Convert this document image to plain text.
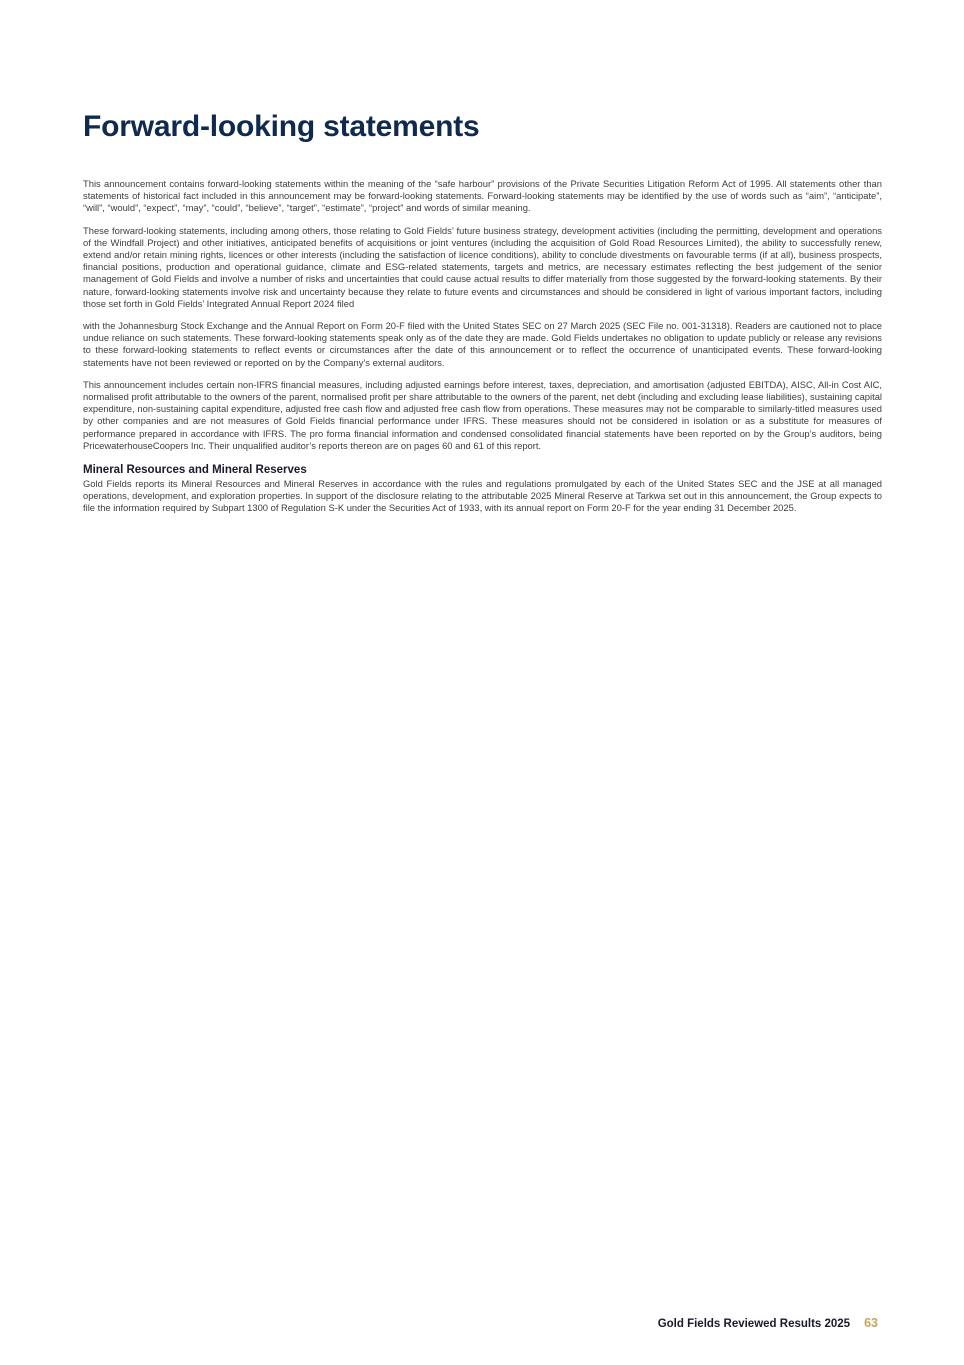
Forward-looking statements

This announcement contains forward-looking statements within the meaning of the “safe harbour” provisions of the Private Securities Litigation Reform Act of 1995. All statements other than statements of historical fact included in this announcement may be forward-looking statements. Forward-looking statements may be identified by the use of words such as “aim”, “anticipate”, “will”, “would”, “expect”, “may”, “could”, “believe”, “target”, “estimate”, “project” and words of similar meaning.

These forward-looking statements, including among others, those relating to Gold Fields’ future business strategy, development activities (including the permitting, development and operations of the Windfall Project) and other initiatives, anticipated benefits of acquisitions or joint ventures (including the acquisition of Gold Road Resources Limited), the ability to successfully renew, extend and/or retain mining rights, licences or other interests (including the satisfaction of licence conditions), ability to conclude divestments on favourable terms (if at all), business prospects, financial positions, production and operational guidance, climate and ESG-related statements, targets and metrics, are necessary estimates reflecting the best judgement of the senior management of Gold Fields and involve a number of risks and uncertainties that could cause actual results to differ materially from those suggested by the forward-looking statements. By their nature, forward-looking statements involve risk and uncertainty because they relate to future events and circumstances and should be considered in light of various important factors, including those set forth in Gold Fields’ Integrated Annual Report 2024 filed

with the Johannesburg Stock Exchange and the Annual Report on Form 20-F filed with the United States SEC on 27 March 2025 (SEC File no. 001-31318). Readers are cautioned not to place undue reliance on such statements. These forward-looking statements speak only as of the date they are made. Gold Fields undertakes no obligation to update publicly or release any revisions to these forward-looking statements to reflect events or circumstances after the date of this announcement or to reflect the occurrence of unanticipated events. These forward-looking statements have not been reviewed or reported on by the Company’s external auditors.

This announcement includes certain non-IFRS financial measures, including adjusted earnings before interest, taxes, depreciation, and amortisation (adjusted EBITDA), AISC, All-in Cost AIC, normalised profit attributable to the owners of the parent, normalised profit per share attributable to the owners of the parent, net debt (including and excluding lease liabilities), sustaining capital expenditure, non-sustaining capital expenditure, adjusted free cash flow and adjusted free cash flow from operations. These measures may not be comparable to similarly-titled measures used by other companies and are not measures of Gold Fields financial performance under IFRS. These measures should not be considered in isolation or as a substitute for measures of performance prepared in accordance with IFRS. The pro forma financial information and condensed consolidated financial statements have been reported on by the Group’s auditors, being PricewaterhouseCoopers Inc. Their unqualified auditor’s reports thereon are on pages 60 and 61 of this report.

Mineral Resources and Mineral Reserves

Gold Fields reports its Mineral Resources and Mineral Reserves in accordance with the rules and regulations promulgated by each of the United States SEC and the JSE at all managed operations, development, and exploration properties. In support of the disclosure relating to the attributable 2025 Mineral Reserve at Tarkwa set out in this announcement, the Group expects to file the information required by Subpart 1300 of Regulation S-K under the Securities Act of 1933, with its annual report on Form 20-F for the year ending 31 December 2025.

Gold Fields Reviewed Results 2025 63
